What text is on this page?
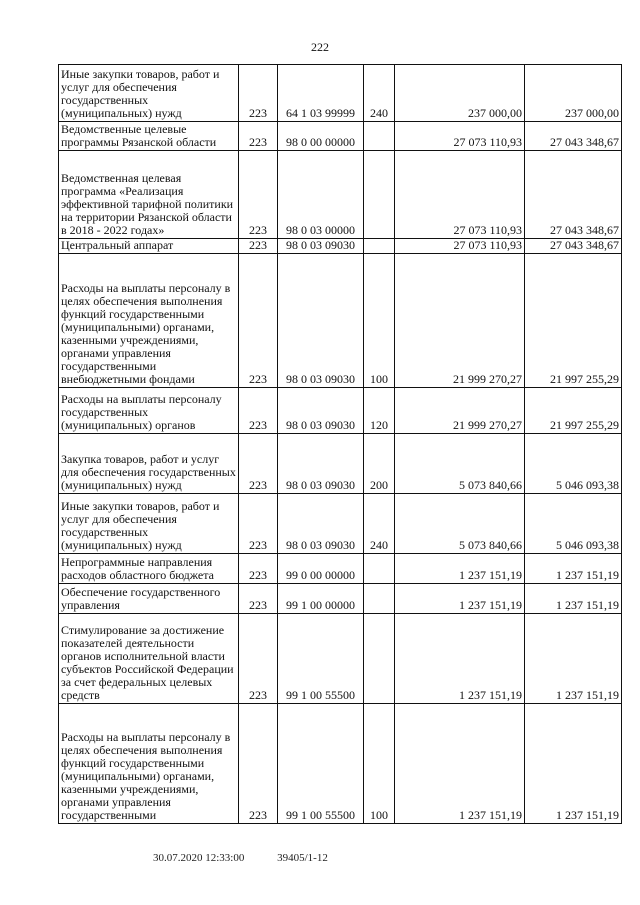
222
Иные закупки товаров, работ и услуг для обеспечения государственных (муниципальных) нужд	223	64 1 03 99999	240	237 000,00	237 000,00
Ведомственные целевые программы Рязанской области	223	98 0 00 00000		27 073 110,93	27 043 348,67
Ведомственная целевая программа «Реализация эффективной тарифной политики на территории Рязанской области в 2018 - 2022 годах»	223	98 0 03 00000		27 073 110,93	27 043 348,67
Центральный аппарат	223	98 0 03 09030		27 073 110,93	27 043 348,67
Расходы на выплаты персоналу в целях обеспечения выполнения функций государственными (муниципальными) органами, казенными учреждениями, органами управления государственными внебюджетными фондами	223	98 0 03 09030	100	21 999 270,27	21 997 255,29
Расходы на выплаты персоналу государственных (муниципальных) органов	223	98 0 03 09030	120	21 999 270,27	21 997 255,29
Закупка товаров, работ и услуг для обеспечения государственных (муниципальных) нужд	223	98 0 03 09030	200	5 073 840,66	5 046 093,38
Иные закупки товаров, работ и услуг для обеспечения государственных (муниципальных) нужд	223	98 0 03 09030	240	5 073 840,66	5 046 093,38
Непрограммные направления расходов областного бюджета	223	99 0 00 00000		1 237 151,19	1 237 151,19
Обеспечение государственного управления	223	99 1 00 00000		1 237 151,19	1 237 151,19
Стимулирование за достижение показателей деятельности органов исполнительной власти субъектов Российской Федерации за счет федеральных целевых средств	223	99 1 00 55500		1 237 151,19	1 237 151,19
Расходы на выплаты персоналу в целях обеспечения выполнения функций государственными (муниципальными) органами, казенными учреждениями, органами управления государственными	223	99 1 00 55500	100	1 237 151,19	1 237 151,19
30.07.2020 12:33:00	39405/1-12
